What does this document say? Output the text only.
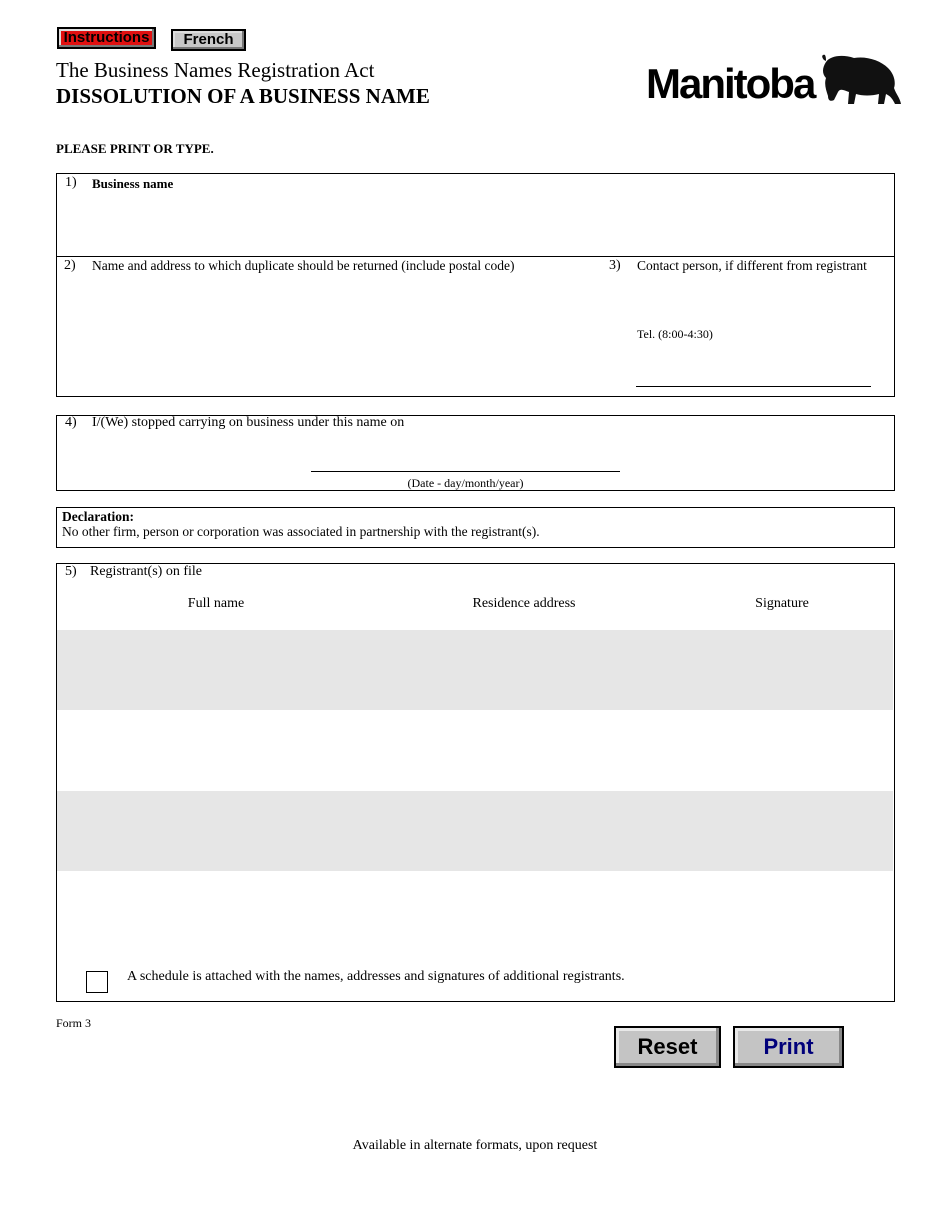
Instructions	French
The Business Names Registration Act
DISSOLUTION OF A BUSINESS NAME	Manitoba
PLEASE PRINT OR TYPE.
1) Business name
2) Name and address to which duplicate should be returned (include postal code)	3) Contact person, if different from registrant
Tel. (8:00-4:30)
4) I/(We) stopped carrying on business under this name on
(Date - day/month/year)
Declaration:
No other firm, person or corporation was associated in partnership with the registrant(s).
5) Registrant(s) on file
Full name	Residence address	Signature
A schedule is attached with the names, addresses and signatures of additional registrants.
Form 3
Reset	Print
Available in alternate formats, upon request
